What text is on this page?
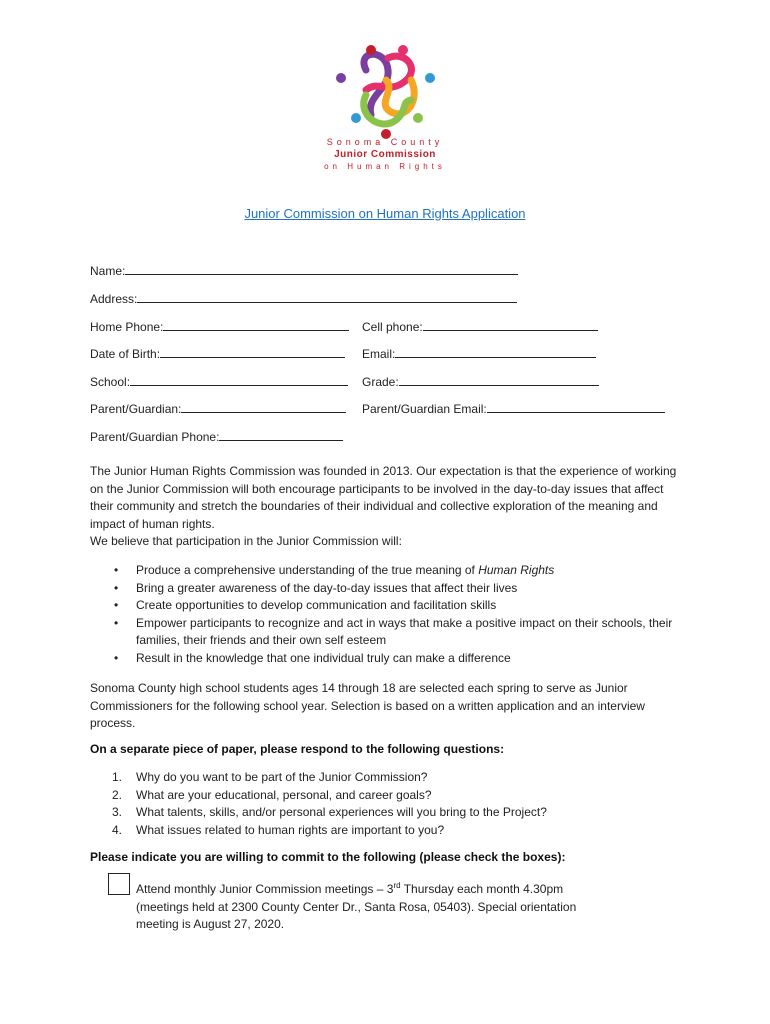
Sonoma County
Junior Commission
on Human Rights
Junior Commission on Human Rights Application
Name:
Address:
Home Phone:	Cell phone:
Date of Birth:	Email:
School:	Grade:
Parent/Guardian:	Parent/Guardian Email:
Parent/Guardian Phone:
The Junior Human Rights Commission was founded in 2013. Our expectation is that the experience of working on the Junior Commission will both encourage participants to be involved in the day-to-day issues that affect their community and stretch the boundaries of their individual and collective exploration of the meaning and impact of human rights.
We believe that participation in the Junior Commission will:
• Produce a comprehensive understanding of the true meaning of Human Rights
• Bring a greater awareness of the day-to-day issues that affect their lives
• Create opportunities to develop communication and facilitation skills
• Empower participants to recognize and act in ways that make a positive impact on their schools, their families, their friends and their own self esteem
• Result in the knowledge that one individual truly can make a difference
Sonoma County high school students ages 14 through 18 are selected each spring to serve as Junior Commissioners for the following school year. Selection is based on a written application and an interview process.
On a separate piece of paper, please respond to the following questions:
1. Why do you want to be part of the Junior Commission?
2. What are your educational, personal, and career goals?
3. What talents, skills, and/or personal experiences will you bring to the Project?
4. What issues related to human rights are important to you?
Please indicate you are willing to commit to the following (please check the boxes):
Attend monthly Junior Commission meetings – 3rd Thursday each month 4.30pm (meetings held at 2300 County Center Dr., Santa Rosa, 05403). Special orientation meeting is August 27, 2020.
